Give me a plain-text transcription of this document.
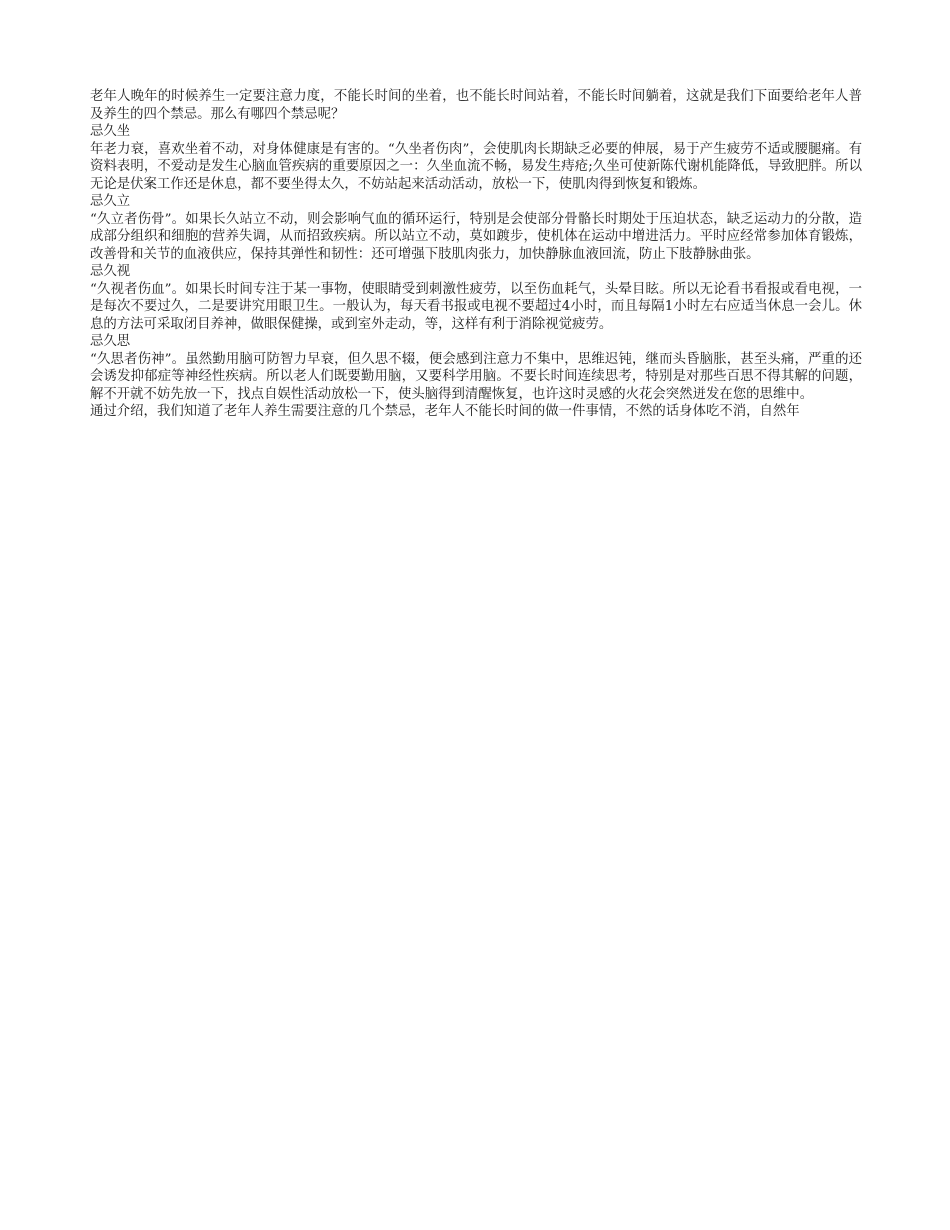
老年人晚年的时候养生一定要注意力度，不能长时间的坐着，也不能长时间站着，不能长时间躺着，这就是我们下面要给老年人普及养生的四个禁忌。那么有哪四个禁忌呢？

忌久坐

年老力衰，喜欢坐着不动，对身体健康是有害的。“久坐者伤肉”，会使肌肉长期缺乏必要的伸展，易于产生疲劳不适或腰腿痛。有资料表明，不爱动是发生心脑血管疾病的重要原因之一：久坐血流不畅，易发生痔疮;久坐可使新陈代谢机能降低，导致肥胖。所以无论是伏案工作还是休息，都不要坐得太久，不妨站起来活动活动，放松一下，使肌肉得到恢复和锻炼。

忌久立

“久立者伤骨”。如果长久站立不动，则会影响气血的循环运行，特别是会使部分骨骼长时期处于压迫状态，缺乏运动力的分散，造成部分组织和细胞的营养失调，从而招致疾病。所以站立不动，莫如踱步，使机体在运动中增进活力。平时应经常参加体育锻炼，改善骨和关节的血液供应，保持其弹性和韧性：还可增强下肢肌肉张力，加快静脉血液回流，防止下肢静脉曲张。

忌久视

“久视者伤血”。如果长时间专注于某一事物，使眼睛受到刺激性疲劳，以至伤血耗气，头晕目眩。所以无论看书看报或看电视，一是每次不要过久，二是要讲究用眼卫生。一般认为，每天看书报或电视不要超过4小时，而且每隔1小时左右应适当休息一会儿。休息的方法可采取闭目养神，做眼保健操，或到室外走动，等，这样有利于消除视觉疲劳。

忌久思

“久思者伤神”。虽然勤用脑可防智力早衰，但久思不辍，便会感到注意力不集中，思维迟钝，继而头昏脑胀，甚至头痛，严重的还会诱发抑郁症等神经性疾病。所以老人们既要勤用脑，又要科学用脑。不要长时间连续思考，特别是对那些百思不得其解的问题，解不开就不妨先放一下，找点自娱性活动放松一下，使头脑得到清醒恢复，也许这时灵感的火花会突然迸发在您的思维中。

通过介绍，我们知道了老年人养生需要注意的几个禁忌，老年人不能长时间的做一件事情，不然的话身体吃不消，自然年
